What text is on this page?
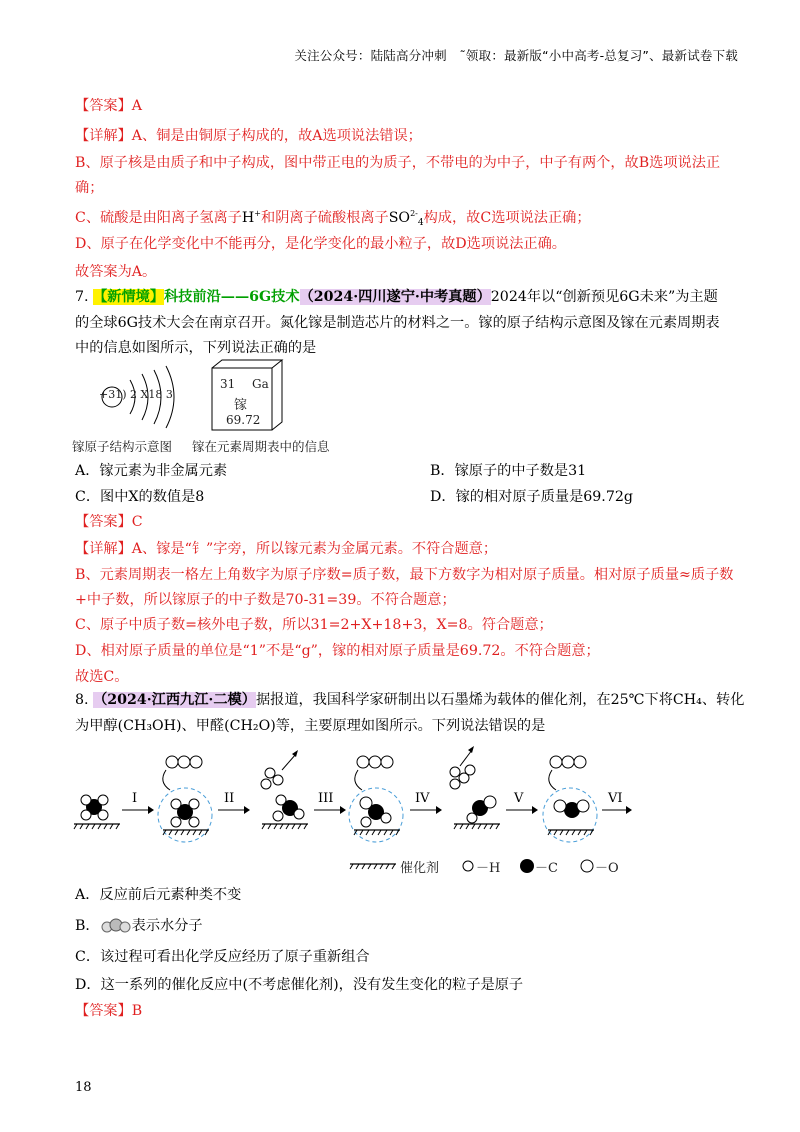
关注公众号：陆陆高分冲刺　˜领取：最新版“小中高考-总复习”、最新试卷下载
【答案】A
【详解】A、铜是由铜原子构成的，故A选项说法错误；
B、原子核是由质子和中子构成，图中带正电的为质子，不带电的为中子，中子有两个，故B选项说法正
确；
C、硫酸是由阳离子氢离子H+和阴离子硫酸根离子$SO^{2-}_4$构成，故C选项说法正确；
D、原子在化学变化中不能再分，是化学变化的最小粒子，故D选项说法正确。
故答案为A。
7. 【新情境】科技前沿——6G技术（2024·四川遂宁·中考真题）2024年以“创新预见6G未来”为主题
的全球6G技术大会在南京召开。氮化镓是制造芯片的材料之一。镓的原子结构示意图及镓在元素周期表
中的信息如图所示，下列说法正确的是
+31) 2 X18 3
镓原子结构示意图
31 Ga
镓
69.72
镓在元素周期表中的信息
A．镓元素为非金属元素	B．镓原子的中子数是31
C．图中X的数值是8	D．镓的相对原子质量是69.72g
【答案】C
【详解】A、镓是“钅”字旁，所以镓元素为金属元素。不符合题意；
B、元素周期表一格左上角数字为原子序数=质子数，最下方数字为相对原子质量。相对原子质量≈质子数
+中子数，所以镓原子的中子数是70-31=39。不符合题意；
C、原子中质子数=核外电子数，所以31=2+X+18+3，X=8。符合题意；
D、相对原子质量的单位是“1”不是“g”，镓的相对原子质量是69.72。不符合题意；
故选C。
8. （2024·江西九江·二模）据报道，我国科学家研制出以石墨烯为载体的催化剂，在25℃下将CH₄、转化
为甲醇(CH₃OH)、甲醛(CH₂O)等，主要原理如图所示。下列说法错误的是
I	II	III	IV	V	VI
催化剂	－H	－C	－O
A．反应前后元素种类不变
B． 表示水分子
C．该过程可看出化学反应经历了原子重新组合
D．这一系列的催化反应中(不考虑催化剂)，没有发生变化的粒子是原子
【答案】B
18
